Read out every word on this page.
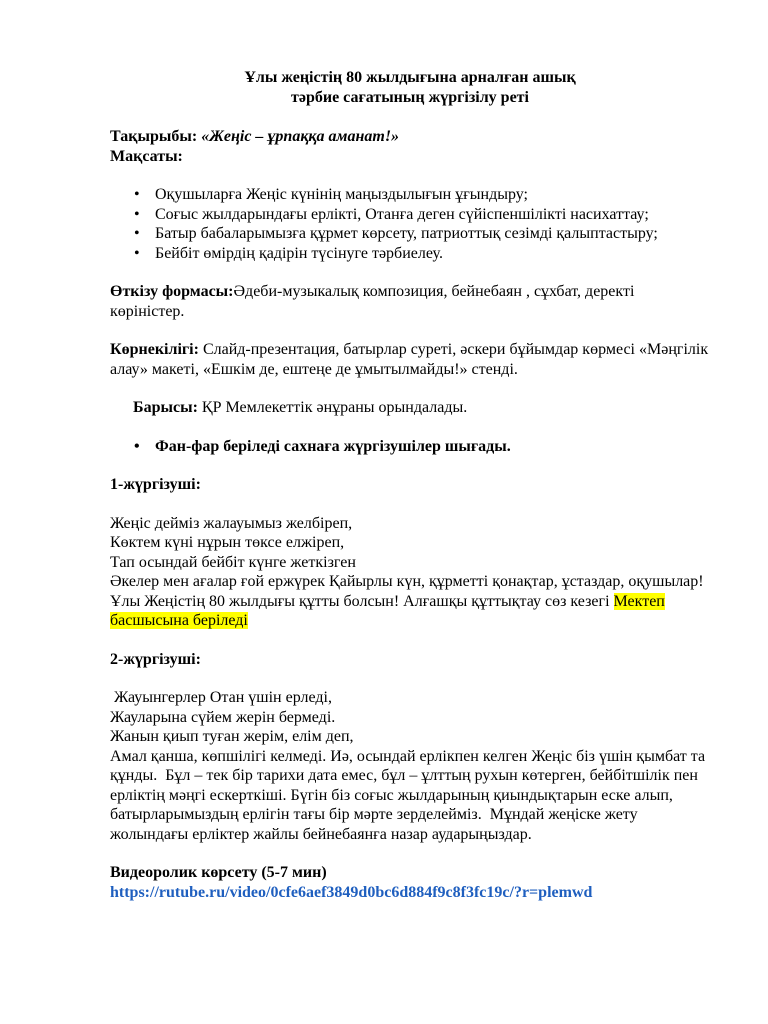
Ұлы жеңістің 80 жылдығына арналған ашық
тәрбие сағатының жүргізілу реті

Тақырыбы: «Жеңіс – ұрпаққа аманат!»

Мақсаты:

• Оқушыларға Жеңіс күнінің маңыздылығын ұғындыру;
• Соғыс жылдарындағы ерлікті, Отанға деген сүйіспеншілікті насихаттау;
• Батыр бабаларымызға құрмет көрсету, патриоттық сезімді қалыптастыру;
• Бейбіт өмірдің қадірін түсінуге тәрбиелеу.

Өткізу формасы:Әдеби-музыкалық композиция, бейнебаян , сұхбат, деректі көріністер.

Көрнекілігі: Слайд-презентация, батырлар суреті, әскери бұйымдар көрмесі «Мәңгілік алау» макеті, «Ешкім де, ештеңе де ұмытылмайды!» стенді.

Барысы: ҚР Мемлекеттік әнұраны орындалады.

• Фан-фар беріледі сахнаға жүргізушілер шығады.

1-жүргізуші:

Жеңіс дейміз жалауымыз желбіреп,
Көктем күні нұрын төксе елжіреп,
Тап осындай бейбіт күнге жеткізген

Әкелер мен ағалар ғой ержүрек Қайырлы күн, құрметті қонақтар, ұстаздар, оқушылар! Ұлы Жеңістің 80 жылдығы құтты болсын! Алғашқы құттықтау сөз кезегі Мектеп басшысына беріледі

2-жүргізуші:

Жауынгерлер Отан үшін ерледі,
Жауларына сүйем жерін бермеді.
Жанын қиып туған жерім, елім деп,
Амал қанша, көпшілігі келмеді. Иә, осындай ерлікпен келген Жеңіс біз үшін қымбат та құнды.  Бұл – тек бір тарихи дата емес, бұл – ұлттың рухын көтерген, бейбітшілік пен ерліктің мәңгі ескерткіші. Бүгін біз соғыс жылдарының қиындықтарын еске алып,  батырларымыздың ерлігін тағы бір мәрте зерделейміз.  Мұндай жеңіске жету жолындағы ерліктер жайлы бейнебаянға назар аударыңыздар.

Видеоролик көрсету (5-7 мин)

https://rutube.ru/video/0cfe6aef3849d0bc6d884f9c8f3fc19c/?r=plemwd
